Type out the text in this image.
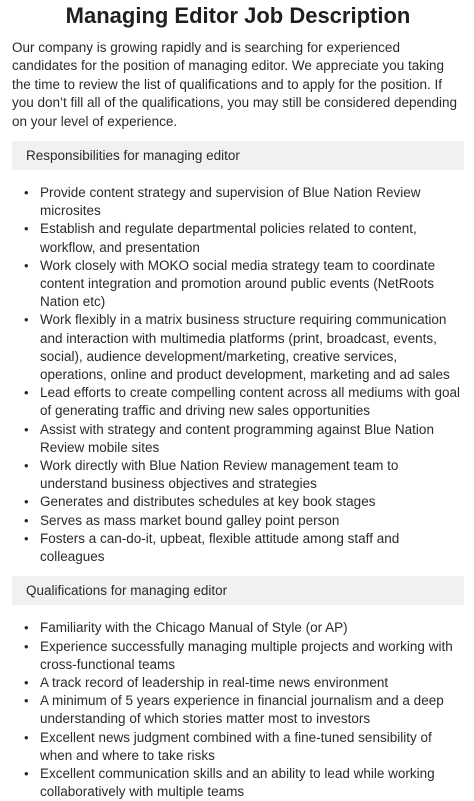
Managing Editor Job Description

Our company is growing rapidly and is searching for experienced candidates for the position of managing editor. We appreciate you taking the time to review the list of qualifications and to apply for the position. If you don’t fill all of the qualifications, you may still be considered depending on your level of experience.

Responsibilities for managing editor
• Provide content strategy and supervision of Blue Nation Review microsites
• Establish and regulate departmental policies related to content, workflow, and presentation
• Work closely with MOKO social media strategy team to coordinate content integration and promotion around public events (NetRoots Nation etc)
• Work flexibly in a matrix business structure requiring communication and interaction with multimedia platforms (print, broadcast, events, social), audience development/marketing, creative services, operations, online and product development, marketing and ad sales
• Lead efforts to create compelling content across all mediums with goal of generating traffic and driving new sales opportunities
• Assist with strategy and content programming against Blue Nation Review mobile sites
• Work directly with Blue Nation Review management team to understand business objectives and strategies
• Generates and distributes schedules at key book stages
• Serves as mass market bound galley point person
• Fosters a can-do-it, upbeat, flexible attitude among staff and colleagues
Qualifications for managing editor
• Familiarity with the Chicago Manual of Style (or AP)
• Experience successfully managing multiple projects and working with cross-functional teams
• A track record of leadership in real-time news environment
• A minimum of 5 years experience in financial journalism and a deep understanding of which stories matter most to investors
• Excellent news judgment combined with a fine-tuned sensibility of when and where to take risks
• Excellent communication skills and an ability to lead while working collaboratively with multiple teams
